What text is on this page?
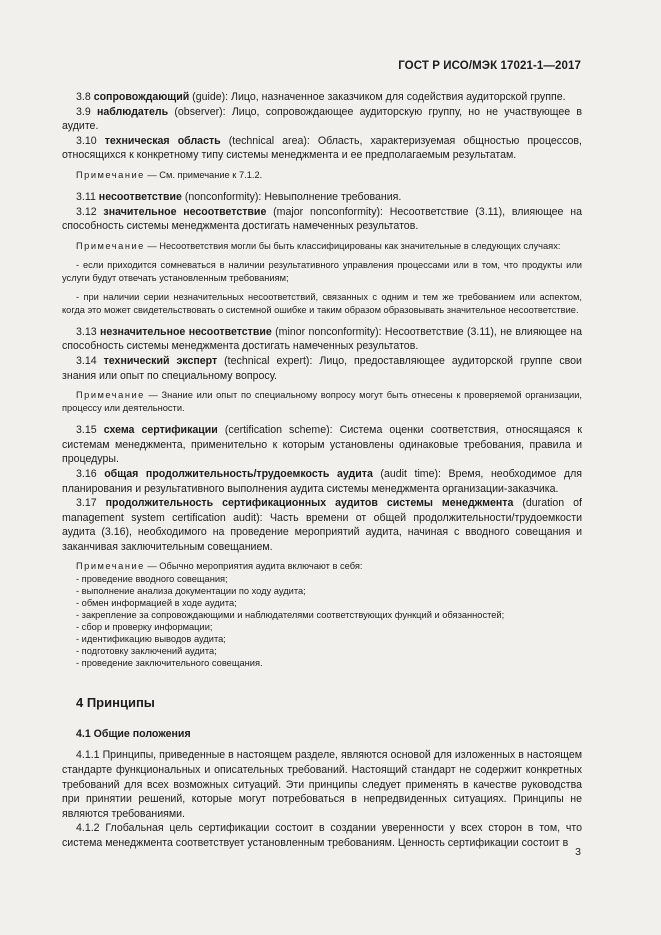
ГОСТ Р ИСО/МЭК 17021-1—2017

3.8 сопровождающий (guide): Лицо, назначенное заказчиком для содействия аудиторской группе.

3.9 наблюдатель (observer): Лицо, сопровождающее аудиторскую группу, но не участвующее в аудите.

3.10 техническая область (technical area): Область, характеризуемая общностью процессов, относящихся к конкретному типу системы менеджмента и ее предполагаемым результатам.

Примечание — См. примечание к 7.1.2.

3.11 несоответствие (nonconformity): Невыполнение требования.

3.12 значительное несоответствие (major nonconformity): Несоответствие (3.11), влияющее на способность системы менеджмента достигать намеченных результатов.

Примечание — Несоответствия могли бы быть классифицированы как значительные в следующих случаях:

- если приходится сомневаться в наличии результативного управления процессами или в том, что продукты или услуги будут отвечать установленным требованиям;

- при наличии серии незначительных несоответствий, связанных с одним и тем же требованием или аспектом, когда это может свидетельствовать о системной ошибке и таким образом образовывать значительное несоответствие.

3.13 незначительное несоответствие (minor nonconformity): Несоответствие (3.11), не влияющее на способность системы менеджмента достигать намеченных результатов.

3.14 технический эксперт (technical expert): Лицо, предоставляющее аудиторской группе свои знания или опыт по специальному вопросу.

Примечание — Знание или опыт по специальному вопросу могут быть отнесены к проверяемой организации, процессу или деятельности.

3.15 схема сертификации (certification scheme): Система оценки соответствия, относящаяся к системам менеджмента, применительно к которым установлены одинаковые требования, правила и процедуры.

3.16 общая продолжительность/трудоемкость аудита (audit time): Время, необходимое для планирования и результативного выполнения аудита системы менеджмента организации-заказчика.

3.17 продолжительность сертификационных аудитов системы менеджмента (duration of management system certification audit): Часть времени от общей продолжительности/трудоемкости аудита (3.16), необходимого на проведение мероприятий аудита, начиная с вводного совещания и заканчивая заключительным совещанием.

Примечание — Обычно мероприятия аудита включают в себя:

- проведение вводного совещания;

- выполнение анализа документации по ходу аудита;

- обмен информацией в ходе аудита;

- закрепление за сопровождающими и наблюдателями соответствующих функций и обязанностей;

- сбор и проверку информации;

- идентификацию выводов аудита;

- подготовку заключений аудита;

- проведение заключительного совещания.

4 Принципы

4.1 Общие положения

4.1.1 Принципы, приведенные в настоящем разделе, являются основой для изложенных в настоящем стандарте функциональных и описательных требований. Настоящий стандарт не содержит конкретных требований для всех возможных ситуаций. Эти принципы следует применять в качестве руководства при принятии решений, которые могут потребоваться в непредвиденных ситуациях. Принципы не являются требованиями.

4.1.2 Глобальная цель сертификации состоит в создании уверенности у всех сторон в том, что система менеджмента соответствует установленным требованиям. Ценность сертификации состоит в

3
